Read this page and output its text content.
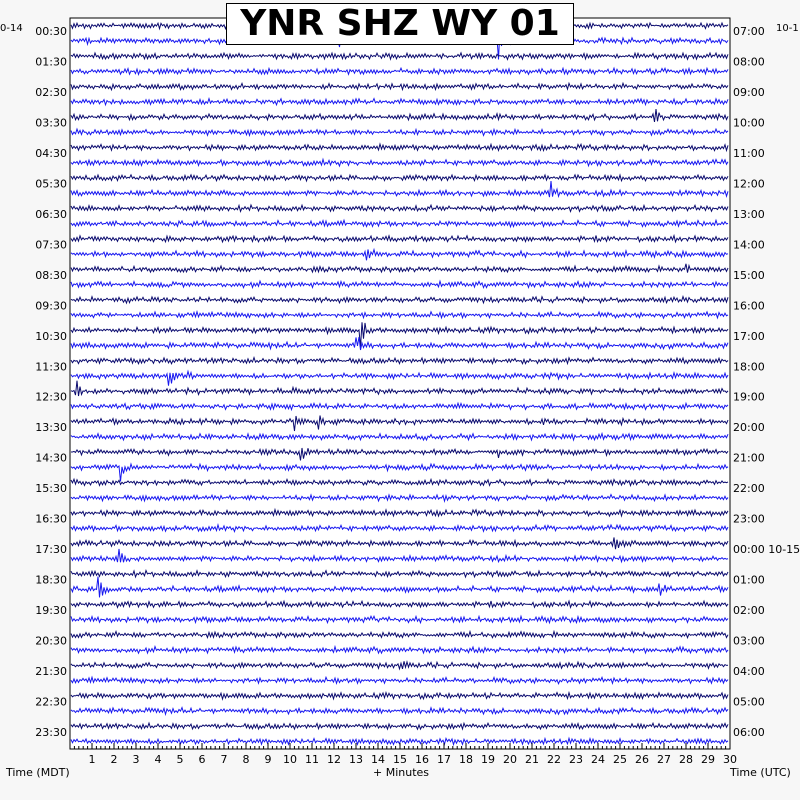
0-14 00:30
01:30
02:30
03:30
04:30
05:30
06:30
07:30
08:30
09:30
10:30
11:30
12:30
13:30
14:30
15:30
16:30
17:30
18:30
19:30
20:30
21:30
22:30
23:30
10-1
07:00
08:00
09:00
10:00
11:00
12:00
13:00
14:00
15:00
16:00
17:00
18:00
19:00
20:00
21:00
22:00
23:00
00:00 10-15
01:00
02:00
03:00
04:00
05:00
06:00
1 2 3 4 5 6 7 8 9 10 11 12 13 14 15 16 17 18 19 20 21 22 23 24 25 26 27 28 29 30
YNR SHZ WY 01
Time (MDT)	+ Minutes	Time (UTC)
